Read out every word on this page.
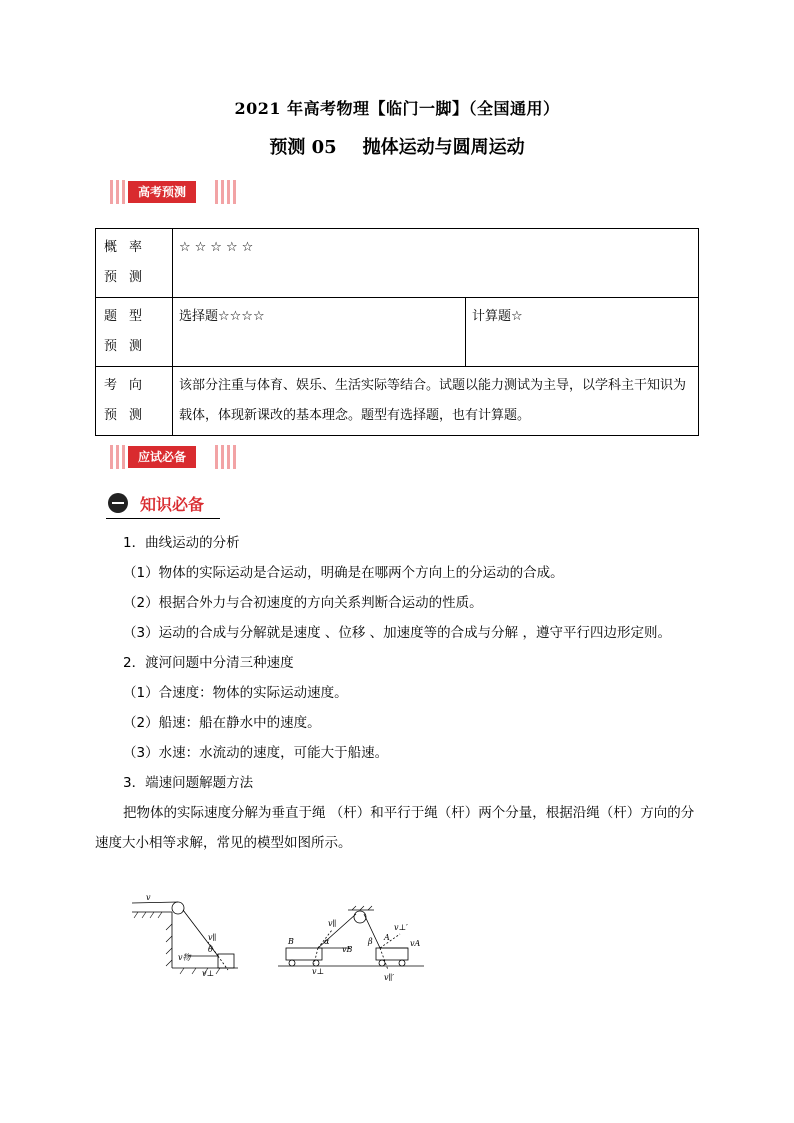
2021 年高考物理【临门一脚】（全国通用）
预测 05 抛体运动与圆周运动
高考预测
概率预测	☆☆☆☆☆	
题型预测	选择题☆☆☆☆	计算题☆
考向预测	该部分注重与体育、娱乐、生活实际等结合。试题以能力测试为主导，以学科主干知识为载体，体现新课改的基本理念。题型有选择题，也有计算题。	
应试必备
知识必备

1．曲线运动的分析

（1）物体的实际运动是合运动，明确是在哪两个方向上的分运动的合成。

（2）根据合外力与合初速度的方向关系判断合运动的性质。

（3）运动的合成与分解就是速度 、位移 、加速度等的合成与分解 ，遵守平行四边形定则。

2．渡河问题中分清三种速度

（1）合速度：物体的实际运动速度。

（2）船速：船在静水中的速度。

（3）水速：水流动的速度，可能大于船速。

3．端速问题解题方法

把物体的实际速度分解为垂直于绳 （杆）和平行于绳（杆）两个分量，根据沿绳（杆）方向的分速度大小相等求解，常见的模型如图所示。

v
v物
θ
v∥
v⊥
B	α
vB
v⊥
v∥
β A
vA
v⊥′
v∥′
